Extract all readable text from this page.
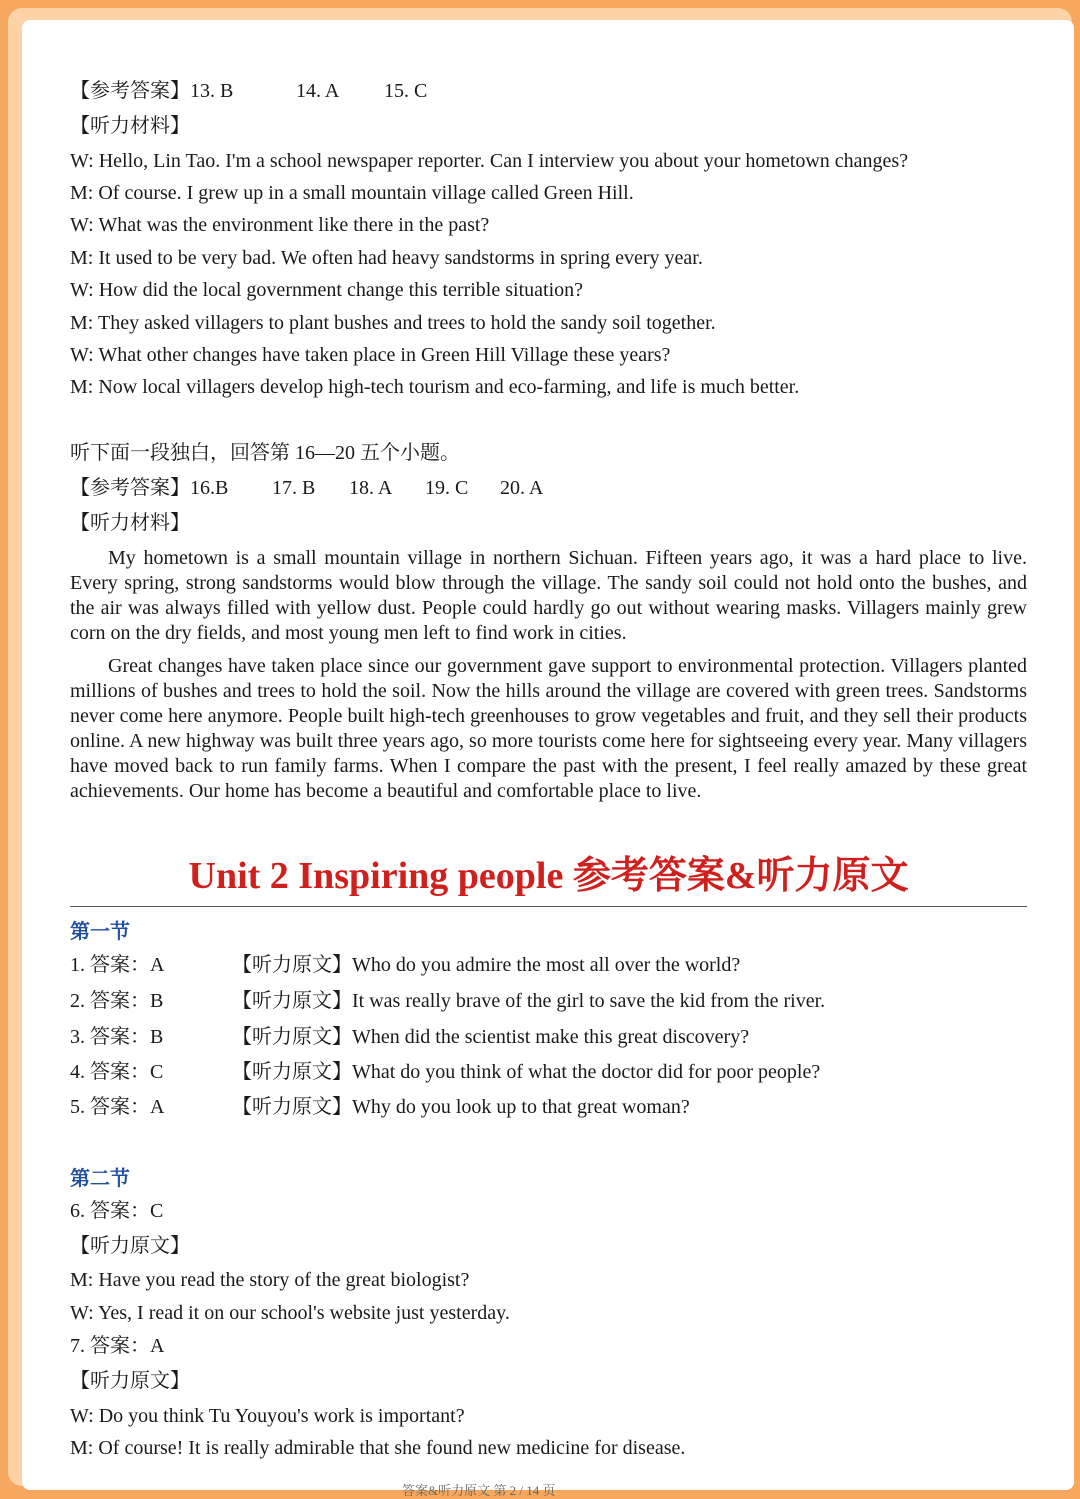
【参考答案】13. B	14. A 15. C
【听力材料】
W: Hello, Lin Tao. I'm a school newspaper reporter. Can I interview you about your hometown changes?
M: Of course. I grew up in a small mountain village called Green Hill.
W: What was the environment like there in the past?
M: It used to be very bad. We often had heavy sandstorms in spring every year.
W: How did the local government change this terrible situation?
M: They asked villagers to plant bushes and trees to hold the sandy soil together.
W: What other changes have taken place in Green Hill Village these years?
M: Now local villagers develop high-tech tourism and eco-farming, and life is much better.
听下面一段独白，回答第 16—20 五个小题。
【参考答案】16.B 17. B 18. A 19. C 20. A
【听力材料】
My hometown is a small mountain village in northern Sichuan. Fifteen years ago, it was a hard place to live. Every spring, strong sandstorms would blow through the village. The sandy soil could not hold onto the bushes, and the air was always filled with yellow dust. People could hardly go out without wearing masks. Villagers mainly grew corn on the dry fields, and most young men left to find work in cities.
Great changes have taken place since our government gave support to environmental protection. Villagers planted millions of bushes and trees to hold the soil. Now the hills around the village are covered with green trees. Sandstorms never come here anymore. People built high-tech greenhouses to grow vegetables and fruit, and they sell their products online. A new highway was built three years ago, so more tourists come here for sightseeing every year. Many villagers have moved back to run family farms. When I compare the past with the present, I feel really amazed by these great achievements. Our home has become a beautiful and comfortable place to live.
Unit 2 Inspiring people 参考答案&听力原文
第一节
1. 答案：A	【听力原文】Who do you admire the most all over the world?
2. 答案：B	【听力原文】It was really brave of the girl to save the kid from the river.
3. 答案：B	【听力原文】When did the scientist make this great discovery?
4. 答案：C	【听力原文】What do you think of what the doctor did for poor people?
5. 答案：A	【听力原文】Why do you look up to that great woman?
第二节
6. 答案：C
【听力原文】
M: Have you read the story of the great biologist?
W: Yes, I read it on our school's website just yesterday.
7. 答案：A
【听力原文】
W: Do you think Tu Youyou's work is important?
M: Of course! It is really admirable that she found new medicine for disease.
答案&听力原文 第 2 / 14 页
